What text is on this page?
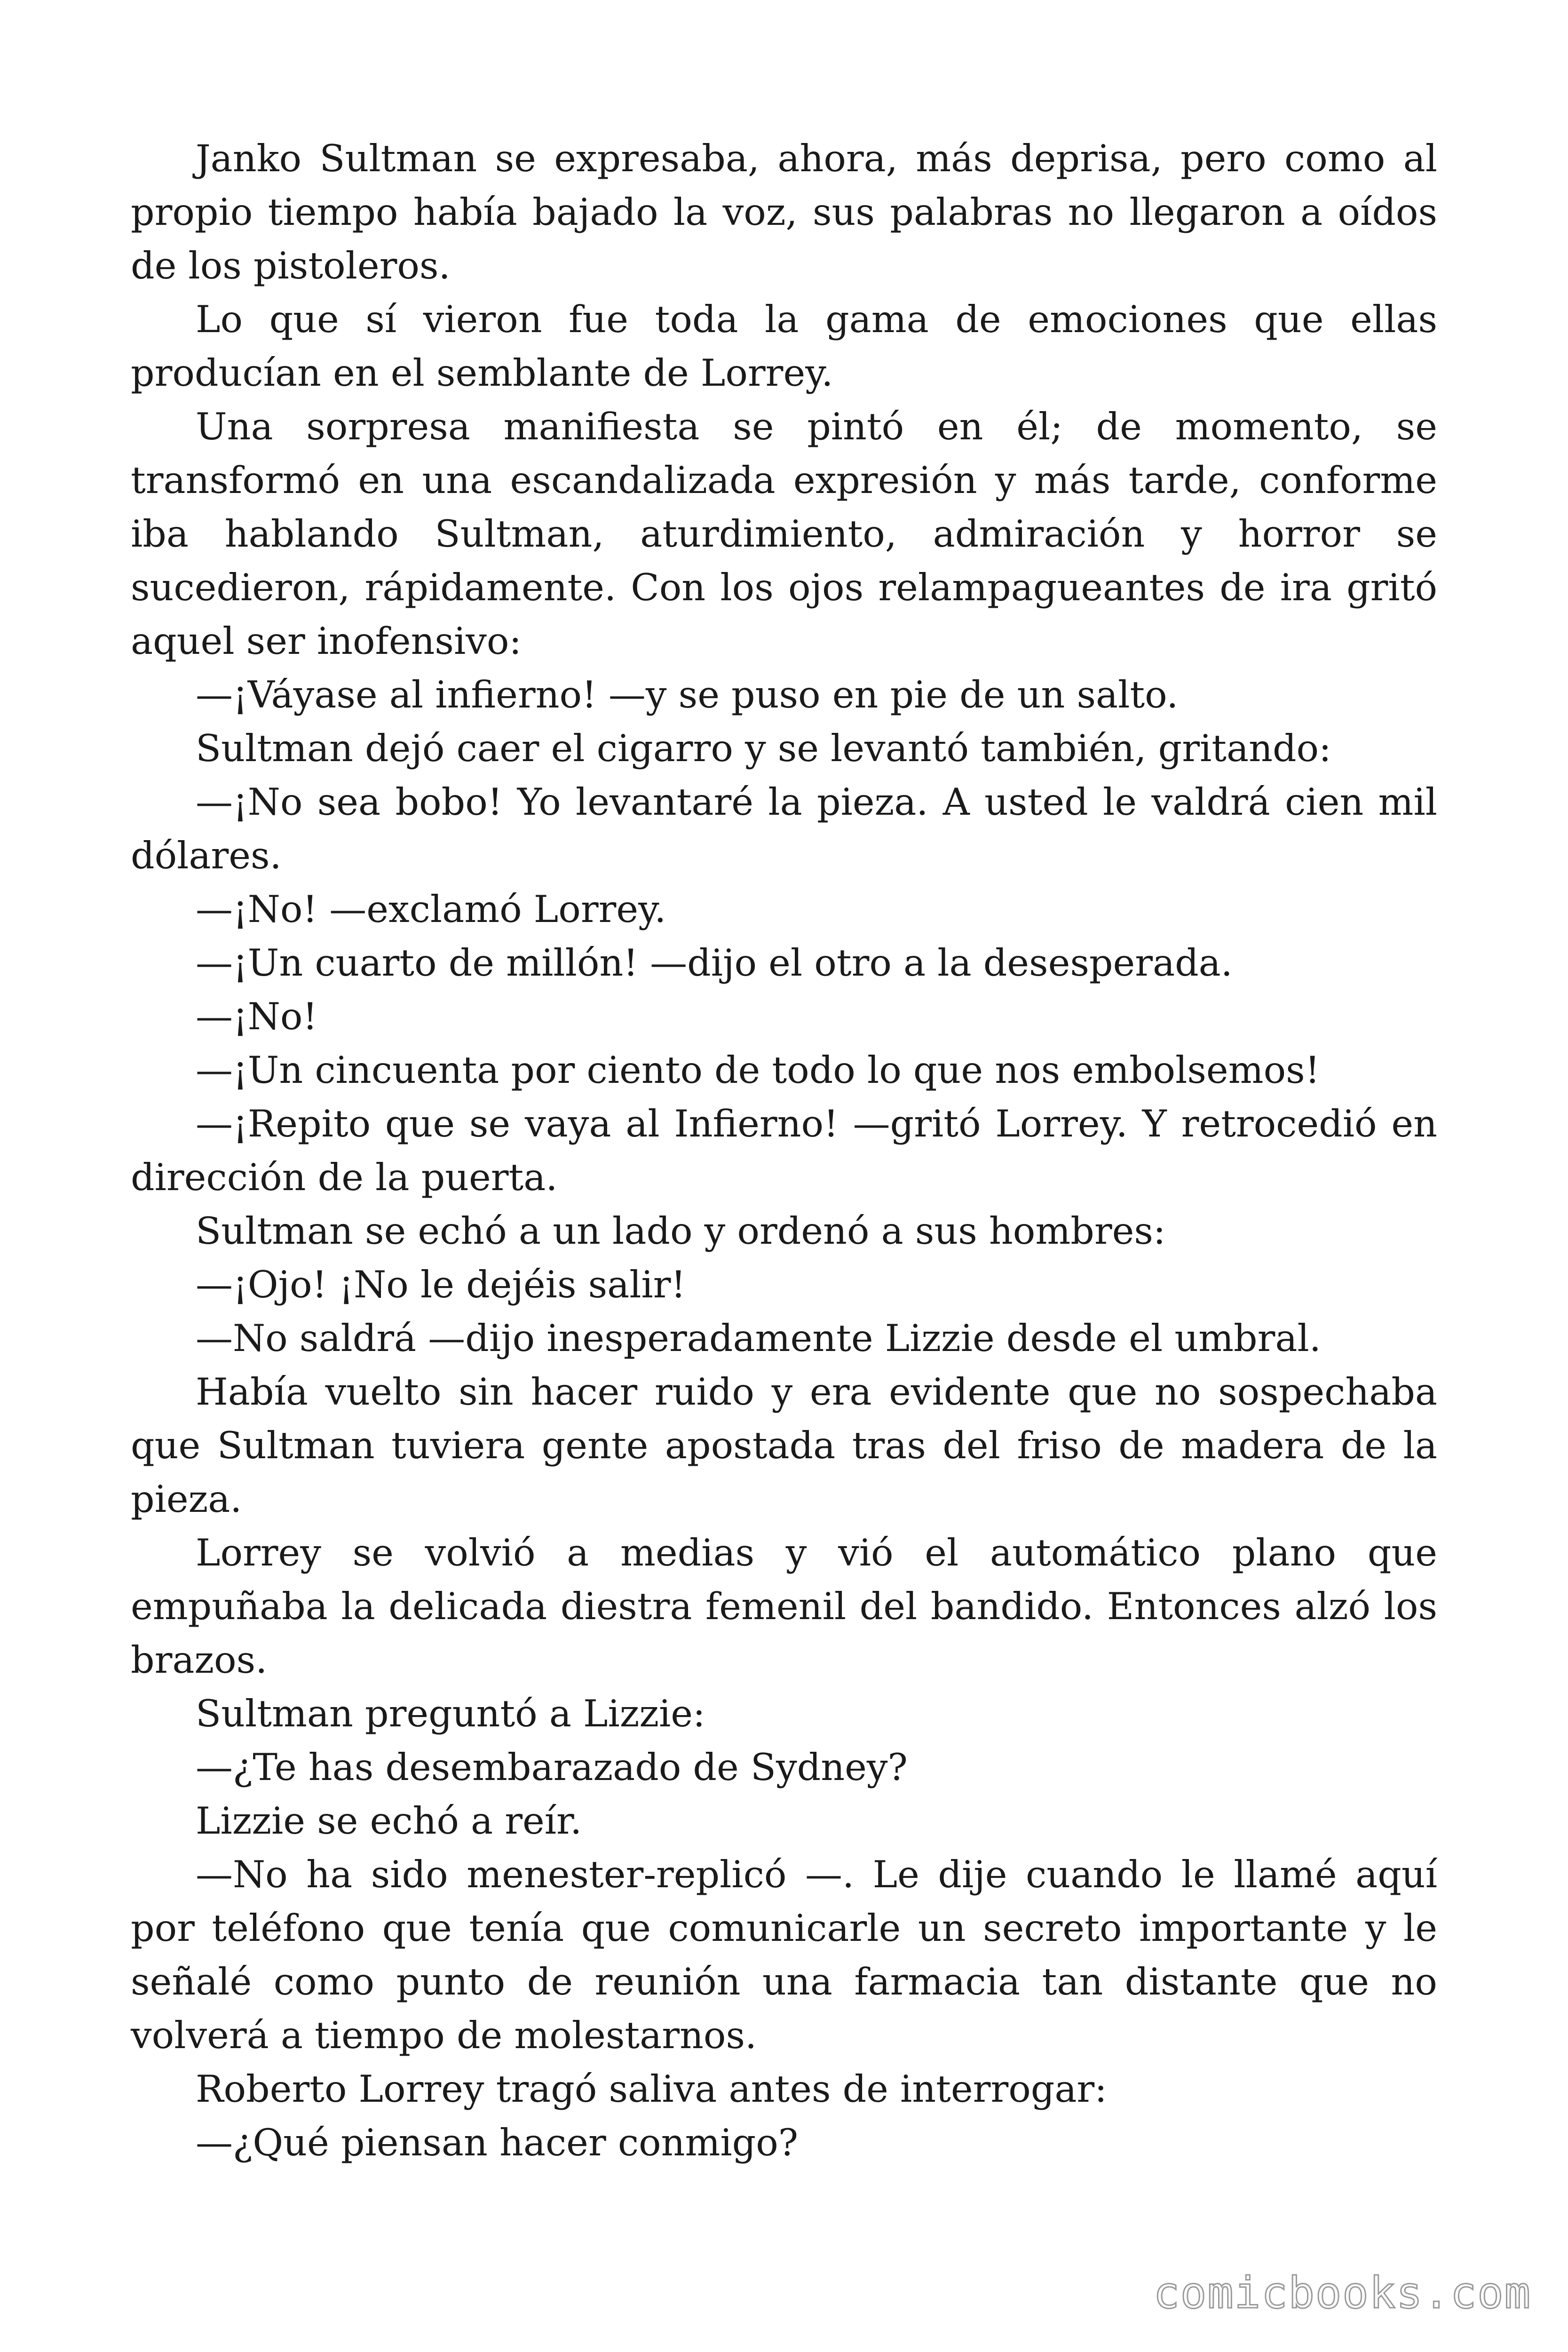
Janko Sultman se expresaba, ahora, más deprisa, pero como al propio tiempo había bajado la voz, sus palabras no llegaron a oídos de los pistoleros.

Lo que sí vieron fue toda la gama de emociones que ellas producían en el semblante de Lorrey.

Una sorpresa manifiesta se pintó en él; de momento, se transformó en una escandalizada expresión y más tarde, conforme iba hablando Sultman, aturdimiento, admiración y horror se sucedieron, rápidamente. Con los ojos relampagueantes de ira gritó aquel ser inofensivo:

—¡Váyase al infierno! —y se puso en pie de un salto.

Sultman dejó caer el cigarro y se levantó también, gritando:

—¡No sea bobo! Yo levantaré la pieza. A usted le valdrá cien mil dólares.

—¡No! —exclamó Lorrey.

—¡Un cuarto de millón! —dijo el otro a la desesperada.

—¡No!

—¡Un cincuenta por ciento de todo lo que nos embolsemos!

—¡Repito que se vaya al Infierno! —gritó Lorrey. Y retrocedió en dirección de la puerta.

Sultman se echó a un lado y ordenó a sus hombres:

—¡Ojo! ¡No le dejéis salir!

—No saldrá —dijo inesperadamente Lizzie desde el umbral.

Había vuelto sin hacer ruido y era evidente que no sospechaba que Sultman tuviera gente apostada tras del friso de madera de la pieza.

Lorrey se volvió a medias y vió el automático plano que empuñaba la delicada diestra femenil del bandido. Entonces alzó los brazos.

Sultman preguntó a Lizzie:

—¿Te has desembarazado de Sydney?

Lizzie se echó a reír.

—No ha sido menester-replicó —. Le dije cuando le llamé aquí por teléfono que tenía que comunicarle un secreto importante y le señalé como punto de reunión una farmacia tan distante que no volverá a tiempo de molestarnos.

Roberto Lorrey tragó saliva antes de interrogar:

—¿Qué piensan hacer conmigo?

comicbooks.com
